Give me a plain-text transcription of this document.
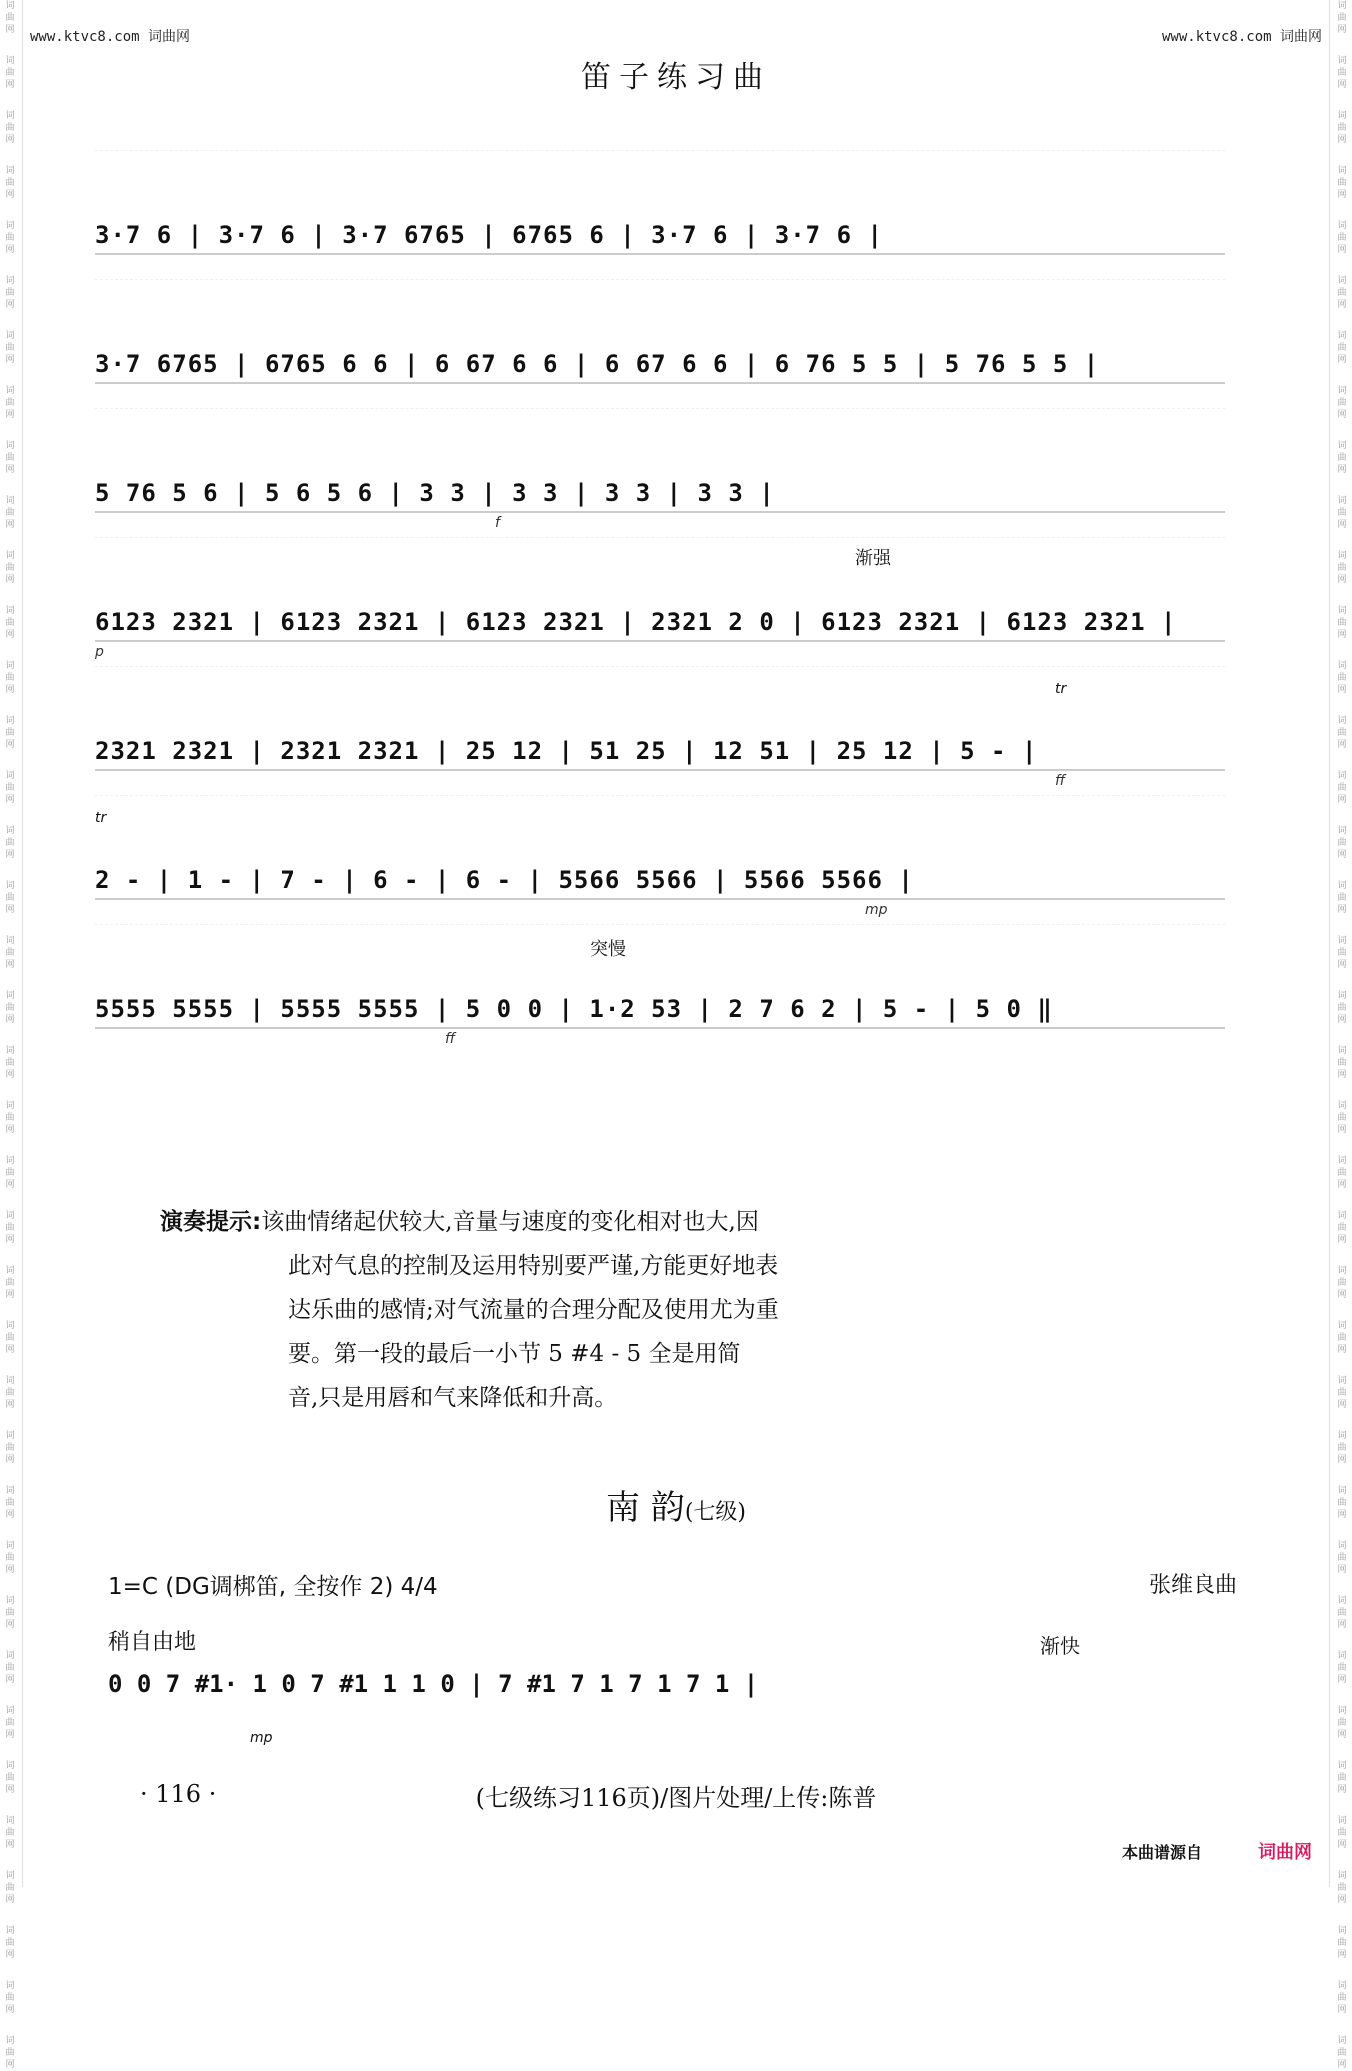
词曲网
词曲网
词曲网
词曲网
词曲网
词曲网
词曲网
词曲网
词曲网
词曲网
词曲网
词曲网
词曲网
词曲网
词曲网
词曲网
词曲网
词曲网
词曲网
词曲网
词曲网
词曲网
词曲网
词曲网
词曲网
词曲网
词曲网
词曲网
词曲网
词曲网
词曲网
词曲网
词曲网
词曲网
词曲网
词曲网
词曲网
词曲网
词曲网
词曲网
词曲网
词曲网
词曲网
词曲网
词曲网
词曲网
词曲网
词曲网
词曲网
词曲网
词曲网
词曲网
词曲网
词曲网
词曲网
词曲网
词曲网
词曲网
词曲网
词曲网
词曲网
词曲网
词曲网
词曲网
词曲网
词曲网
词曲网
词曲网
词曲网
词曲网
词曲网
词曲网
词曲网
词曲网
词曲网
词曲网
www.ktvc8.com 词曲网	www.ktvc8.com 词曲网
笛子练习曲
3·7 6 | 3·7 6 | 3·7 6765 | 6765 6 | 3·7 6 | 3·7 6 |
3·7 6765 | 6765 6 6 | 6 67 6 6 | 6 67 6 6 | 6 76 5 5 | 5 76 5 5 |
5 76 5 6 | 5 6 5 6 | 3 3 | 3 3 | 3 3 | 3 3 |
f
渐强
6123 2321 | 6123 2321 | 6123 2321 | 2321 2 0 | 6123 2321 | 6123 2321 |
p
tr
2321 2321 | 2321 2321 | 25 12 | 51 25 | 12 51 | 25 12 | 5 - |
ff
tr
2 - | 1 - | 7 - | 6 - | 6 - | 5566 5566 | 5566 5566 |
mp
突慢
5555 5555 | 5555 5555 | 5 0 0 | 1·2 53 | 2 7 6 2 | 5 - | 5 0 ‖
ff

演奏提示:该曲情绪起伏较大,音量与速度的变化相对也大,因

此对气息的控制及运用特别要严谨,方能更好地表

达乐曲的感情;对气流量的合理分配及使用尤为重

要。第一段的最后一小节 5 #4 - 5 全是用简

音,只是用唇和气来降低和升高。

南 韵(七级)
1=C (DG调梆笛, 全按作 2) 4/4	张维良曲
稍自由地	渐快
0 0 7 #1· 1 0 7 #1 1 1 0 | 7 #1 7 1 7 1 7 1 |
mp
· 116 ·	(七级练习116页)/图片处理/上传:陈普
本曲谱源自	词曲网
